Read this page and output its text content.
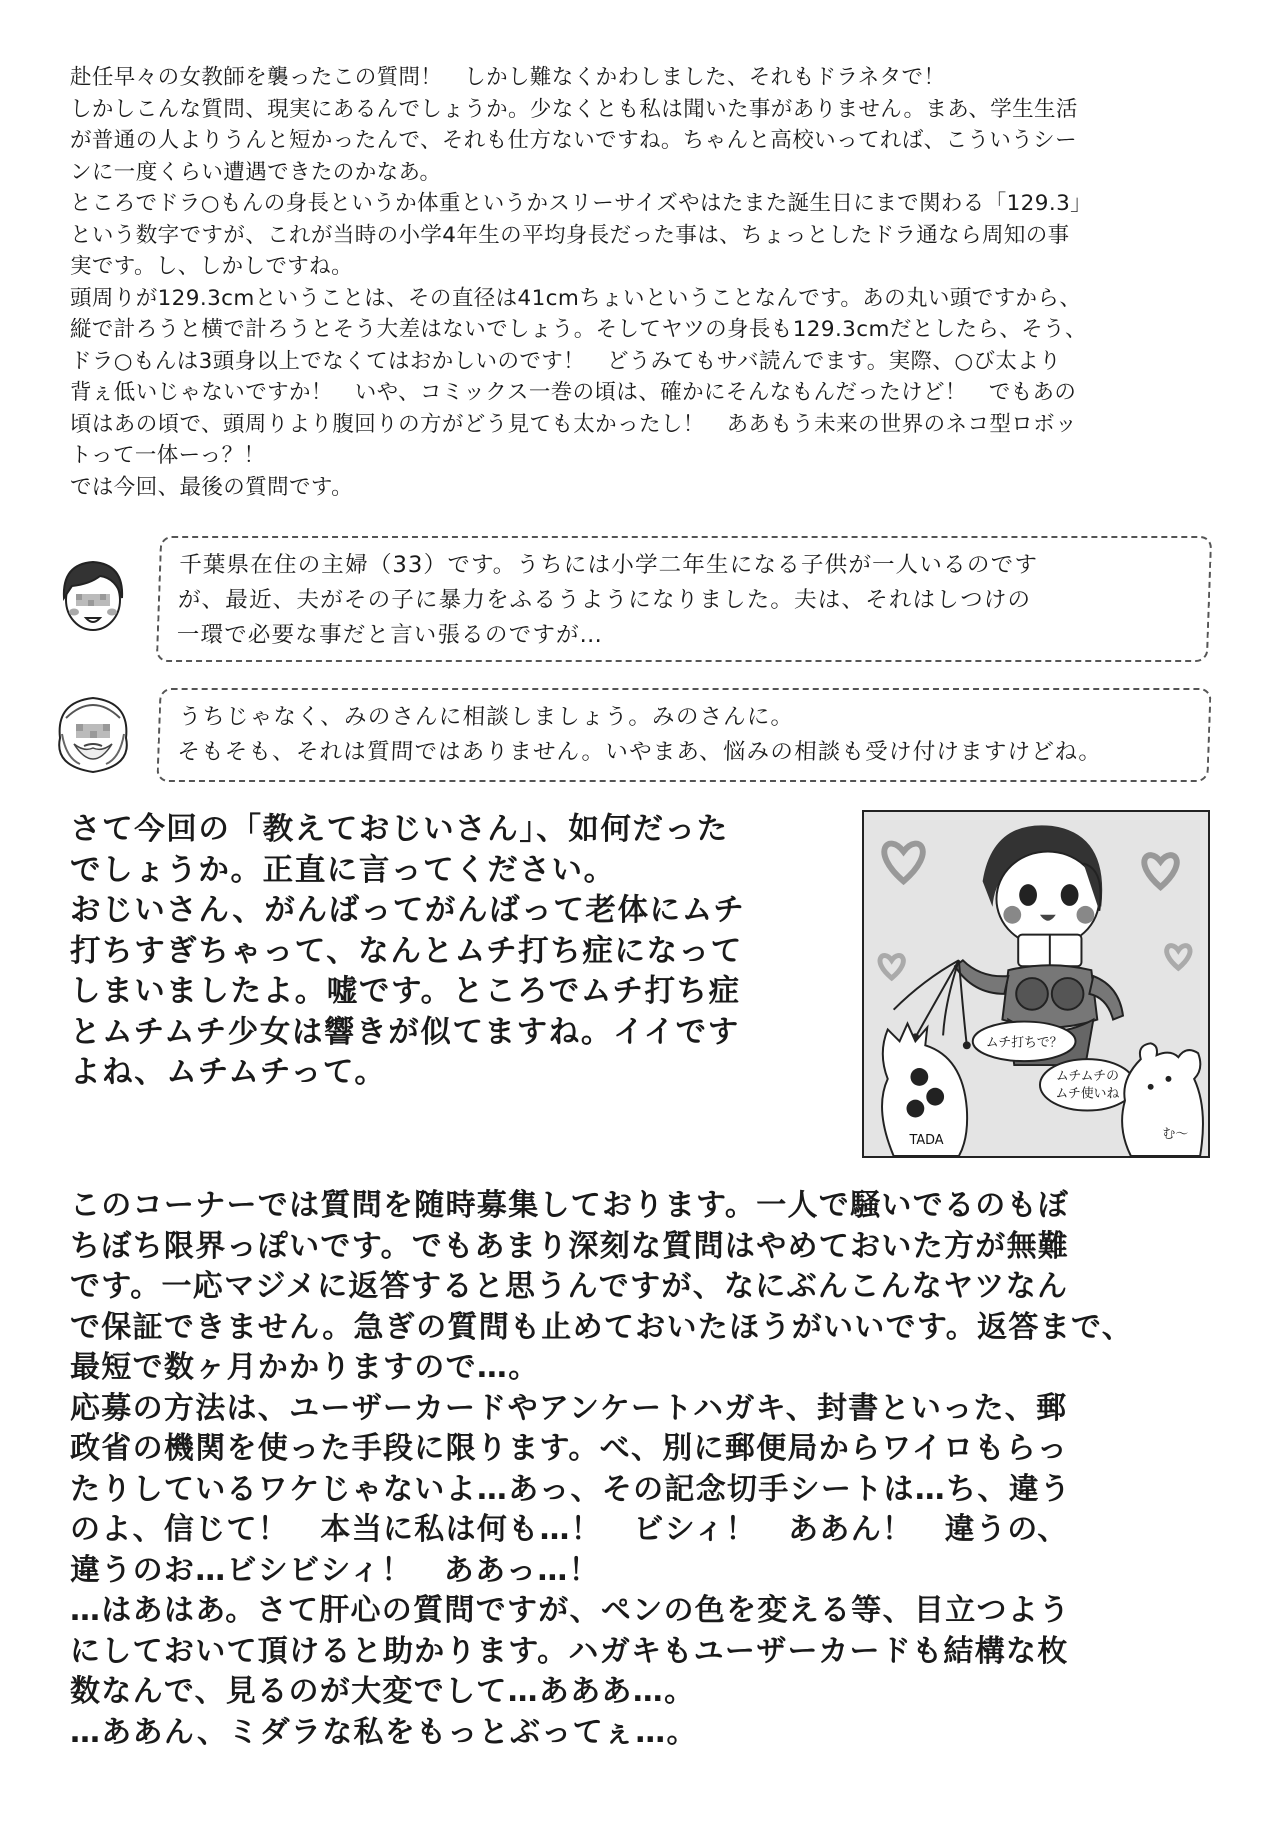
赴任早々の女教師を襲ったこの質問！　しかし難なくかわしました、それもドラネタで！

しかしこんな質問、現実にあるんでしょうか。少なくとも私は聞いた事がありません。まあ、学生生活

が普通の人よりうんと短かったんで、それも仕方ないですね。ちゃんと高校いってれば、こういうシー

ンに一度くらい遭遇できたのかなあ。

ところでドラ○もんの身長というか体重というかスリーサイズやはたまた誕生日にまで関わる「129.3」

という数字ですが、これが当時の小学4年生の平均身長だった事は、ちょっとしたドラ通なら周知の事

実です。し、しかしですね。

頭周りが129.3cmということは、その直径は41cmちょいということなんです。あの丸い頭ですから、

縦で計ろうと横で計ろうとそう大差はないでしょう。そしてヤツの身長も129.3cmだとしたら、そう、

ドラ○もんは3頭身以上でなくてはおかしいのです！　どうみてもサバ読んでます。実際、○び太より

背ぇ低いじゃないですか！　いや、コミックス一巻の頃は、確かにそんなもんだったけど！　でもあの

頃はあの頃で、頭周りより腹回りの方がどう見ても太かったし！　ああもう未来の世界のネコ型ロボッ

トって一体ーっ？！

では今回、最後の質問です。

千葉県在住の主婦（33）です。うちには小学二年生になる子供が一人いるのです

が、最近、夫がその子に暴力をふるうようになりました。夫は、それはしつけの

一環で必要な事だと言い張るのですが…

うちじゃなく、みのさんに相談しましょう。みのさんに。

そもそも、それは質問ではありません。いやまあ、悩みの相談も受け付けますけどね。

さて今回の「教えておじいさん」、如何だった

でしょうか。正直に言ってください。

おじいさん、がんばってがんばって老体にムチ

打ちすぎちゃって、なんとムチ打ち症になって

しまいましたよ。嘘です。ところでムチ打ち症

とムチムチ少女は響きが似てますね。イイです

よね、ムチムチって。

ムチ打ちで？
ムチムチの
ムチ使いね
TADA	む～

このコーナーでは質問を随時募集しております。一人で騒いでるのもぼ

ちぼち限界っぽいです。でもあまり深刻な質問はやめておいた方が無難

です。一応マジメに返答すると思うんですが、なにぶんこんなヤツなん

で保証できません。急ぎの質問も止めておいたほうがいいです。返答まで、

最短で数ヶ月かかりますので…。

応募の方法は、ユーザーカードやアンケートハガキ、封書といった、郵

政省の機関を使った手段に限ります。べ、別に郵便局からワイロもらっ

たりしているワケじゃないよ…あっ、その記念切手シートは…ち、違う

のよ、信じて！　本当に私は何も…！　ビシィ！　ああん！　違うの、

違うのお…ビシビシィ！　ああっ…！

…はあはあ。さて肝心の質問ですが、ペンの色を変える等、目立つよう

にしておいて頂けると助かります。ハガキもユーザーカードも結構な枚

数なんで、見るのが大変でして…あああ…。

…ああん、ミダラな私をもっとぶってぇ…。
